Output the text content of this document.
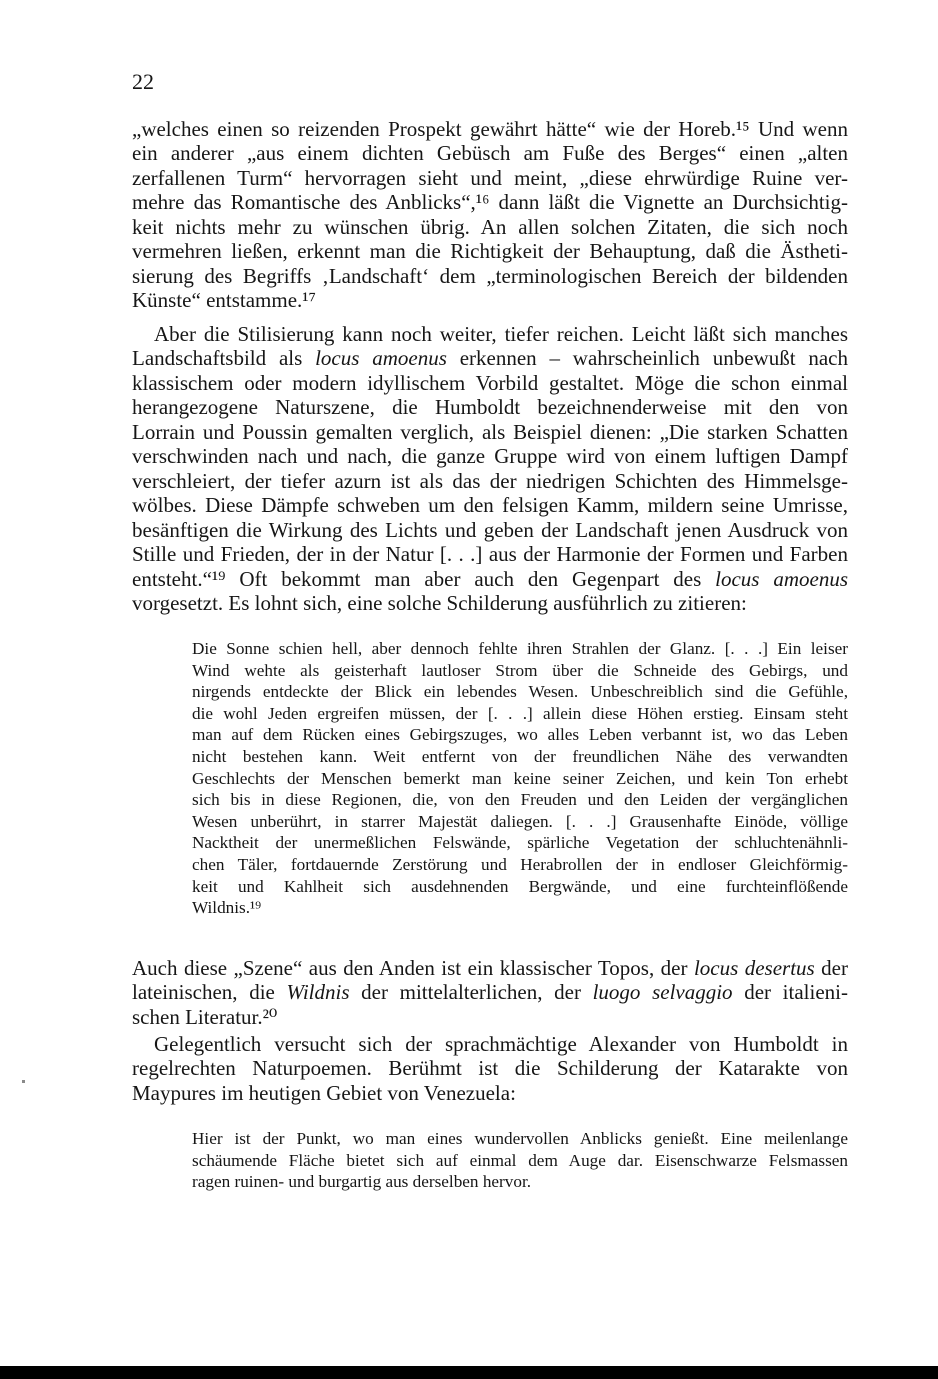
22

„welches einen so reizenden Prospekt gewährt hätte“ wie der Horeb.¹⁵ Und wenn
ein anderer „aus einem dichten Gebüsch am Fuße des Berges“ einen „alten
zerfallenen Turm“ hervorragen sieht und meint, „diese ehrwürdige Ruine ver-
mehre das Romantische des Anblicks“,¹⁶ dann läßt die Vignette an Durchsichtig-
keit nichts mehr zu wünschen übrig. An allen solchen Zitaten, die sich noch
vermehren ließen, erkennt man die Richtigkeit der Behauptung, daß die Ästheti-
sierung des Begriffs ‚Landschaft‘ dem „terminologischen Bereich der bildenden
Künste“ entstamme.¹⁷

Aber die Stilisierung kann noch weiter, tiefer reichen. Leicht läßt sich manches
Landschaftsbild als locus amoenus erkennen – wahrscheinlich unbewußt nach
klassischem oder modern idyllischem Vorbild gestaltet. Möge die schon einmal
herangezogene Naturszene, die Humboldt bezeichnenderweise mit den von
Lorrain und Poussin gemalten verglich, als Beispiel dienen: „Die starken Schatten
verschwinden nach und nach, die ganze Gruppe wird von einem luftigen Dampf
verschleiert, der tiefer azurn ist als das der niedrigen Schichten des Himmelsge-
wölbes. Diese Dämpfe schweben um den felsigen Kamm, mildern seine Umrisse,
besänftigen die Wirkung des Lichts und geben der Landschaft jenen Ausdruck von
Stille und Frieden, der in der Natur [. . .] aus der Harmonie der Formen und Farben
entsteht.“¹⁹ Oft bekommt man aber auch den Gegenpart des locus amoenus
vorgesetzt. Es lohnt sich, eine solche Schilderung ausführlich zu zitieren:

Die Sonne schien hell, aber dennoch fehlte ihren Strahlen der Glanz. [. . .] Ein leiser
Wind wehte als geisterhaft lautloser Strom über die Schneide des Gebirgs, und
nirgends entdeckte der Blick ein lebendes Wesen. Unbeschreiblich sind die Gefühle,
die wohl Jeden ergreifen müssen, der [. . .] allein diese Höhen erstieg. Einsam steht
man auf dem Rücken eines Gebirgszuges, wo alles Leben verbannt ist, wo das Leben
nicht bestehen kann. Weit entfernt von der freundlichen Nähe des verwandten
Geschlechts der Menschen bemerkt man keine seiner Zeichen, und kein Ton erhebt
sich bis in diese Regionen, die, von den Freuden und den Leiden der vergänglichen
Wesen unberührt, in starrer Majestät daliegen. [. . .] Grausenhafte Einöde, völlige
Nacktheit der unermeßlichen Felswände, spärliche Vegetation der schluchtenähnli-
chen Täler, fortdauernde Zerstörung und Herabrollen der in endloser Gleichförmig-
keit und Kahlheit sich ausdehnenden Bergwände, und eine furchteinflößende
Wildnis.¹⁹

Auch diese „Szene“ aus den Anden ist ein klassischer Topos, der locus desertus der
lateinischen, die Wildnis der mittelalterlichen, der luogo selvaggio der italieni-
schen Literatur.²⁰

Gelegentlich versucht sich der sprachmächtige Alexander von Humboldt in
regelrechten Naturpoemen. Berühmt ist die Schilderung der Katarakte von
Maypures im heutigen Gebiet von Venezuela:

Hier ist der Punkt, wo man eines wundervollen Anblicks genießt. Eine meilenlange
schäumende Fläche bietet sich auf einmal dem Auge dar. Eisenschwarze Felsmassen
ragen ruinen- und burgartig aus derselben hervor.
